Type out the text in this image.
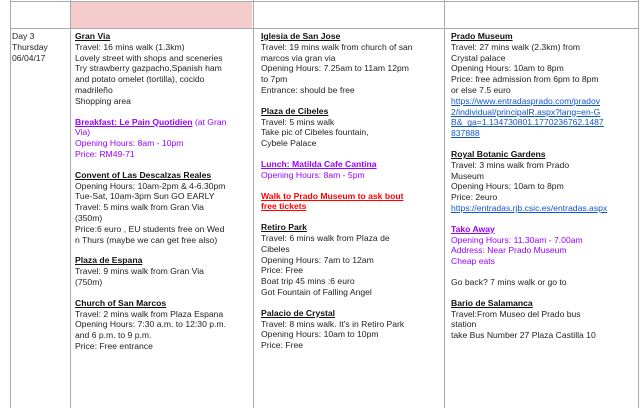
Day 3
Thursday
06/04/17
Gran Via
Travel: 16 mins walk (1.3km)
Lovely street with shops and sceneries
Try strawberry gazpacho,Spanish ham
and potato omelet (tortilla), cocido
madrileño
Shopping area
Breakfast: Le Pain Quotidien (at Gran
Via)
Opening Hours: 8am - 10pm
Price: RM49-71
Convent of Las Descalzas Reales
Opening Hours: 10am-2pm & 4-6.30pm
Tue-Sat, 10am-3pm Sun GO EARLY
Travel: 5 mins walk from Gran Via
(350m)
Price:6 euro , EU students free on Wed
n Thurs (maybe we can get free also)
Plaza de Espana
Travel: 9 mins walk from Gran Via
(750m)
Church of San Marcos
Travel: 2 mins walk from Plaza Espana
Opening Hours: 7:30 a.m. to 12:30 p.m.
and 6 p.m. to 9 p.m.
Price: Free entrance
Iglesia de San Jose
Travel: 19 mins walk from church of san
marcos via gran via
Opening Hours: 7.25am to 11am 12pm
to 7pm
Entrance: should be free
Plaza de Cibeles
Travel: 5 mins walk
Take pic of Cibeles fountain,
Cybele Palace
Lunch: Matilda Cafe Cantina
Opening Hours: 8am - 5pm
Walk to Prado Museum to ask bout
free tickets
Retiro Park
Travel: 6 mins walk from Plaza de
Cibeles
Opening Hours: 7am to 12am
Price: Free
Boat trip 45 mins :6 euro
Got Fountain of Falling Angel
Palacio de Crystal
Travel: 8 mins walk. It's in Retiro Park
Opening Hours: 10am to 10pm
Price: Free
Prado Museum
Travel: 27 mins walk (2.3km) from
Crystal palace
Opening Hours: 10am to 8pm
Price: free admission from 6pm to 8pm
or else 7.5 euro
https://www.entradasprado.com/pradov
2/individual/principalR.aspx?lang=en-G
B&_ga=1.134730801.1770236762.1487
837888
Royal Botanic Gardens
Travel: 3 mins walk from Prado
Museum
Opening Hours: 10am to 8pm
Price: 2euro
https://entradas.rjb.csic.es/entradas.aspx
Tako Away
Opening Hours: 11.30am - 7.00am
Address: Near Prado Museum
Cheap eats
Go back? 7 mins walk or go to
Bario de Salamanca
Travel:From Museo del Prado bus
station
take Bus Number 27 Plaza Castilla 10
